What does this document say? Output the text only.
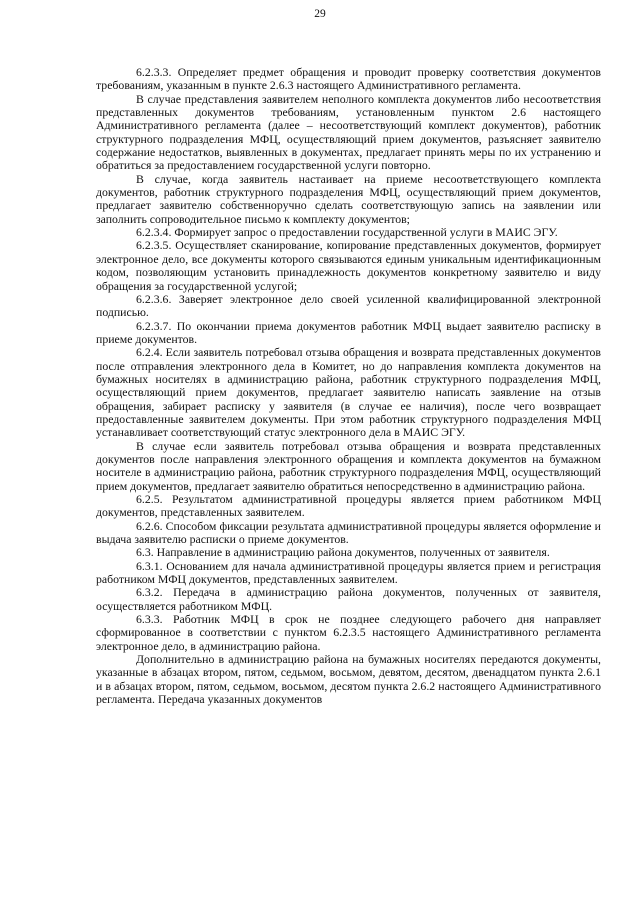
29

6.2.3.3. Определяет предмет обращения и проводит проверку соответствия документов требованиям, указанным в пункте 2.6.3 настоящего Административного регламента.

В случае представления заявителем неполного комплекта документов либо несоответствия представленных документов требованиям, установленным пунктом 2.6 настоящего Административного регламента (далее – несоответствующий комплект документов), работник структурного подразделения МФЦ, осуществляющий прием документов, разъясняет заявителю содержание недостатков, выявленных в документах, предлагает принять меры по их устранению и обратиться за предоставлением государственной услуги повторно.

В случае, когда заявитель настаивает на приеме несоответствующего комплекта документов, работник структурного подразделения МФЦ, осуществляющий прием документов, предлагает заявителю собственноручно сделать соответствующую запись на заявлении или заполнить сопроводительное письмо к комплекту документов;

6.2.3.4. Формирует запрос о предоставлении государственной услуги в МАИС ЭГУ.

6.2.3.5. Осуществляет сканирование, копирование представленных документов, формирует электронное дело, все документы которого связываются единым уникальным идентификационным кодом, позволяющим установить принадлежность документов конкретному заявителю и виду обращения за государственной услугой;

6.2.3.6. Заверяет электронное дело своей усиленной квалифицированной электронной подписью.

6.2.3.7. По окончании приема документов работник МФЦ выдает заявителю расписку в приеме документов.

6.2.4. Если заявитель потребовал отзыва обращения и возврата представленных документов после отправления электронного дела в Комитет, но до направления комплекта документов на бумажных носителях в администрацию района, работник структурного подразделения МФЦ, осуществляющий прием документов, предлагает заявителю написать заявление на отзыв обращения, забирает расписку у заявителя (в случае ее наличия), после чего возвращает предоставленные заявителем документы. При этом работник структурного подразделения МФЦ устанавливает соответствующий статус электронного дела в МАИС ЭГУ.

В случае если заявитель потребовал отзыва обращения и возврата представленных документов после направления электронного обращения и комплекта документов на бумажном носителе в администрацию района, работник структурного подразделения МФЦ, осуществляющий прием документов, предлагает заявителю обратиться непосредственно в администрацию района.

6.2.5. Результатом административной процедуры является прием работником МФЦ документов, представленных заявителем.

6.2.6. Способом фиксации результата административной процедуры является оформление и выдача заявителю расписки о приеме документов.

6.3. Направление в администрацию района документов, полученных от заявителя.

6.3.1. Основанием для начала административной процедуры является прием и регистрация работником МФЦ документов, представленных заявителем.

6.3.2. Передача в администрацию района документов, полученных от заявителя, осуществляется работником МФЦ.

6.3.3. Работник МФЦ в срок не позднее следующего рабочего дня направляет сформированное в соответствии с пунктом 6.2.3.5 настоящего Административного регламента электронное дело, в администрацию района.

Дополнительно в администрацию района на бумажных носителях передаются документы, указанные в абзацах втором, пятом, седьмом, восьмом, девятом, десятом, двенадцатом пункта 2.6.1 и в абзацах втором, пятом, седьмом, восьмом, десятом пункта 2.6.2 настоящего Административного регламента. Передача указанных документов
